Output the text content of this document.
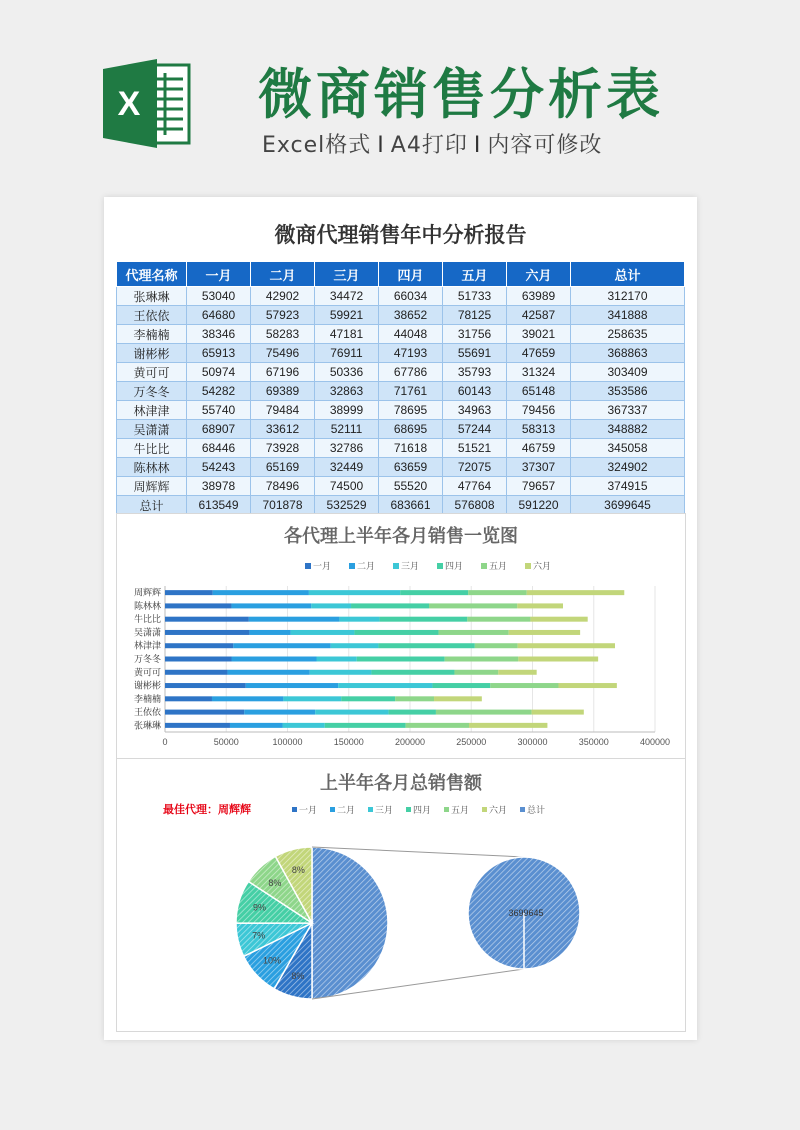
X 微商销售分析表
Excel格式 I A4打印 I 内容可修改
微商代理销售年中分析报告
代理名称	一月	二月	三月	四月	五月	六月	总计
张琳琳	53040	42902	34472	66034	51733	63989	312170
王依依	64680	57923	59921	38652	78125	42587	341888
李楠楠	38346	58283	47181	44048	31756	39021	258635
谢彬彬	65913	75496	76911	47193	55691	47659	368863
黄可可	50974	67196	50336	67786	35793	31324	303409
万冬冬	54282	69389	32863	71761	60143	65148	353586
林津津	55740	79484	38999	78695	34963	79456	367337
吴潇潇	68907	33612	52111	68695	57244	58313	348882
牛比比	68446	73928	32786	71618	51521	46759	345058
陈林林	54243	65169	32449	63659	72075	37307	324902
周辉辉	38978	78496	74500	55520	47764	79657	374915
总计	613549	701878	532529	683661	576808	591220	3699645
各代理上半年各月销售一览图
一月	二月	三月	四月	五月	六月
0	50000	100000	150000	200000	250000	300000	350000	400000
张琳琳
王依依
李楠楠
谢彬彬
黄可可
万冬冬
林津津
吴潇潇
牛比比
陈林林
周辉辉
上半年各月总销售额
最佳代理：周辉辉	一月 二月 三月 四月 五月 六月 总计
8%
10%
7%
9%
8%
8%
3699645
